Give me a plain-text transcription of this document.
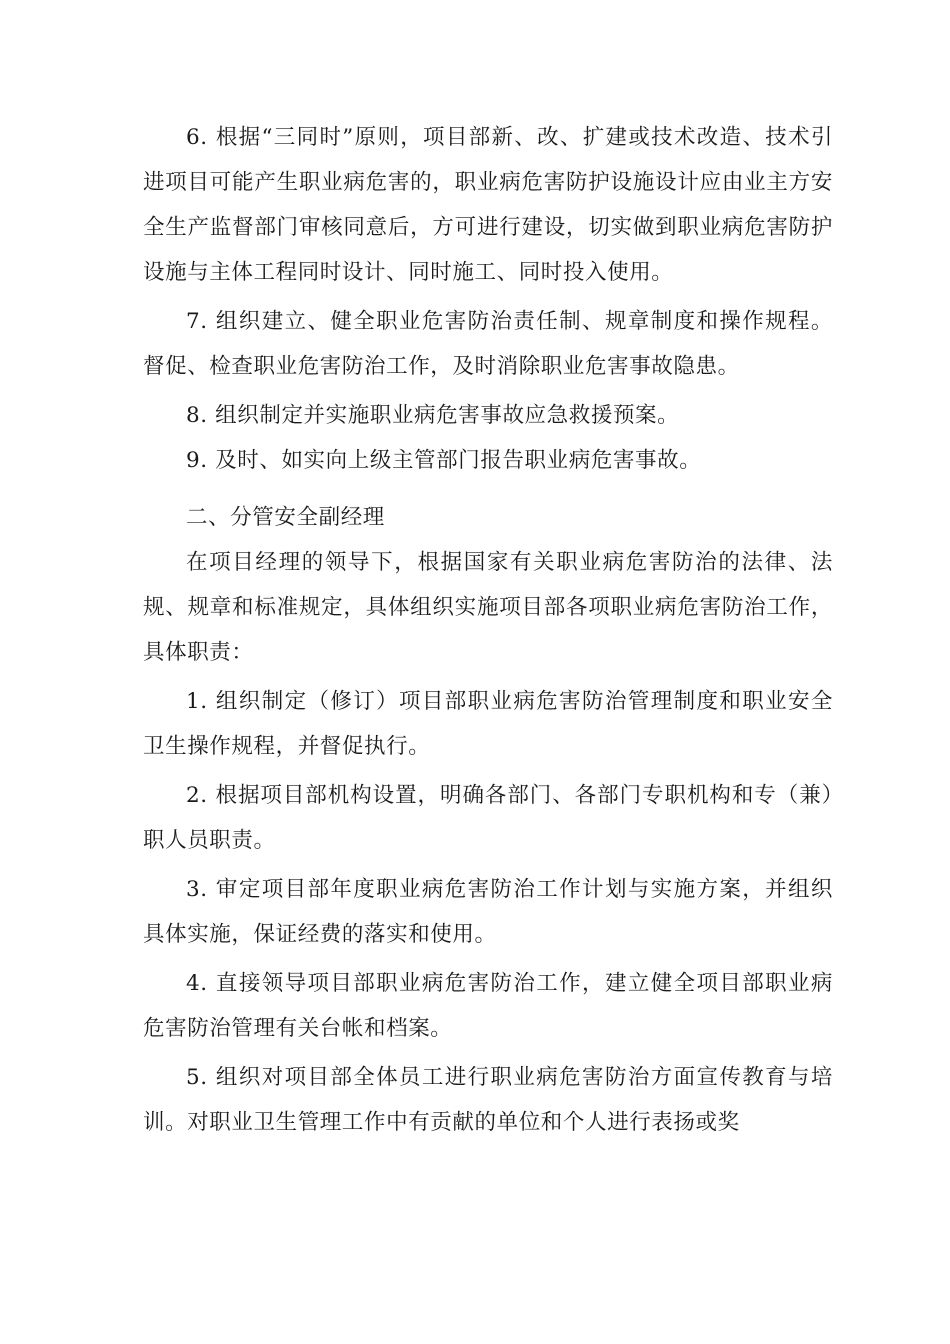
6. 根据“三同时”原则，项目部新、改、扩建或技术改造、技术引进项目可能产生职业病危害的，职业病危害防护设施设计应由业主方安全生产监督部门审核同意后，方可进行建设，切实做到职业病危害防护设施与主体工程同时设计、同时施工、同时投入使用。

7. 组织建立、健全职业危害防治责任制、规章制度和操作规程。督促、检查职业危害防治工作，及时消除职业危害事故隐患。

8. 组织制定并实施职业病危害事故应急救援预案。

9. 及时、如实向上级主管部门报告职业病危害事故。

二、分管安全副经理

在项目经理的领导下，根据国家有关职业病危害防治的法律、法规、规章和标准规定，具体组织实施项目部各项职业病危害防治工作，具体职责：

1. 组织制定（修订）项目部职业病危害防治管理制度和职业安全卫生操作规程，并督促执行。

2. 根据项目部机构设置，明确各部门、各部门专职机构和专（兼）职人员职责。

3. 审定项目部年度职业病危害防治工作计划与实施方案，并组织具体实施，保证经费的落实和使用。

4. 直接领导项目部职业病危害防治工作，建立健全项目部职业病危害防治管理有关台帐和档案。

5. 组织对项目部全体员工进行职业病危害防治方面宣传教育与培训。对职业卫生管理工作中有贡献的单位和个人进行表扬或奖
